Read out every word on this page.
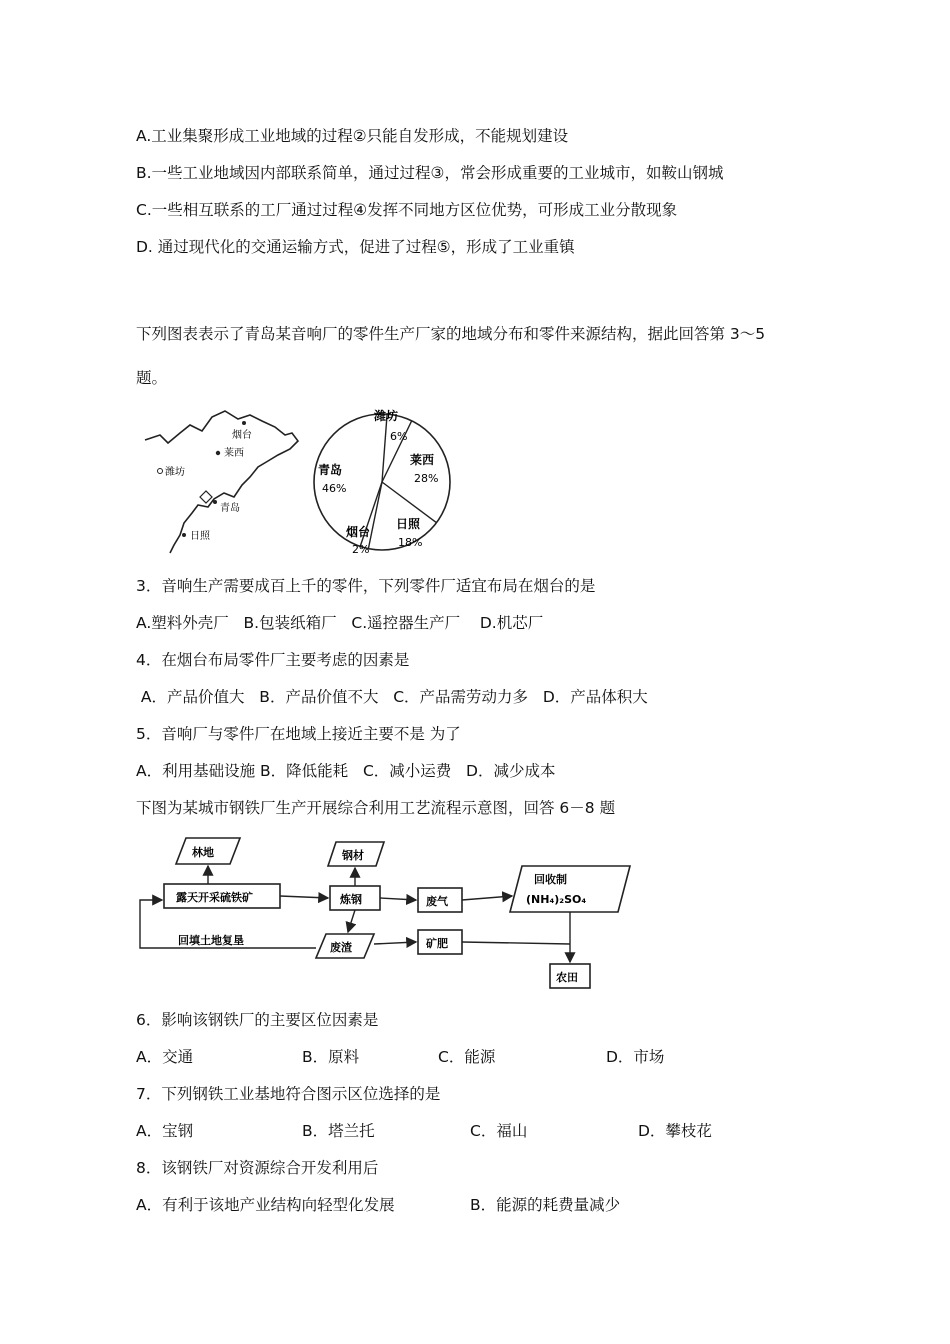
A.工业集聚形成工业地域的过程②只能自发形成，不能规划建设
B.一些工业地域因内部联系简单，通过过程③，常会形成重要的工业城市，如鞍山钢城
C.一些相互联系的工厂通过过程④发挥不同地方区位优势，可形成工业分散现象
D. 通过现代化的交通运输方式，促进了过程⑤，形成了工业重镇
下列图表表示了青岛某音响厂的零件生产厂家的地域分布和零件来源结构，据此回答第 3～5
题。
烟台
莱西
潍坊
青岛
日照
潍坊
6%
莱西
28%
日照
18%
烟台
2%
青岛
46%
3．音响生产需要成百上千的零件，下列零件厂适宜布局在烟台的是
A.塑料外壳厂   B.包装纸箱厂   C.遥控器生产厂    D.机芯厂
4．在烟台布局零件厂主要考虑的因素是
A．产品价值大   B．产品价值不大   C．产品需劳动力多   D．产品体积大
5．音响厂与零件厂在地域上接近主要不是 为了
A．利用基础设施 B．降低能耗   C．减小运费   D．减少成本
下图为某城市钢铁厂生产开展综合利用工艺流程示意图，回答 6－8 题
林地
露天开采硫铁矿
钢材
炼钢	废气
回收制
(NH₄)₂SO₄
废渣	矿肥
农田
回填土地复垦
6．影响该钢铁厂的主要区位因素是
A．交通	B．原料	C．能源	D．市场
7．下列钢铁工业基地符合图示区位选择的是
A．宝钢	B．塔兰托	C．福山	D．攀枝花
8．该钢铁厂对资源综合开发利用后
A．有利于该地产业结构向轻型化发展	B．能源的耗费量减少
